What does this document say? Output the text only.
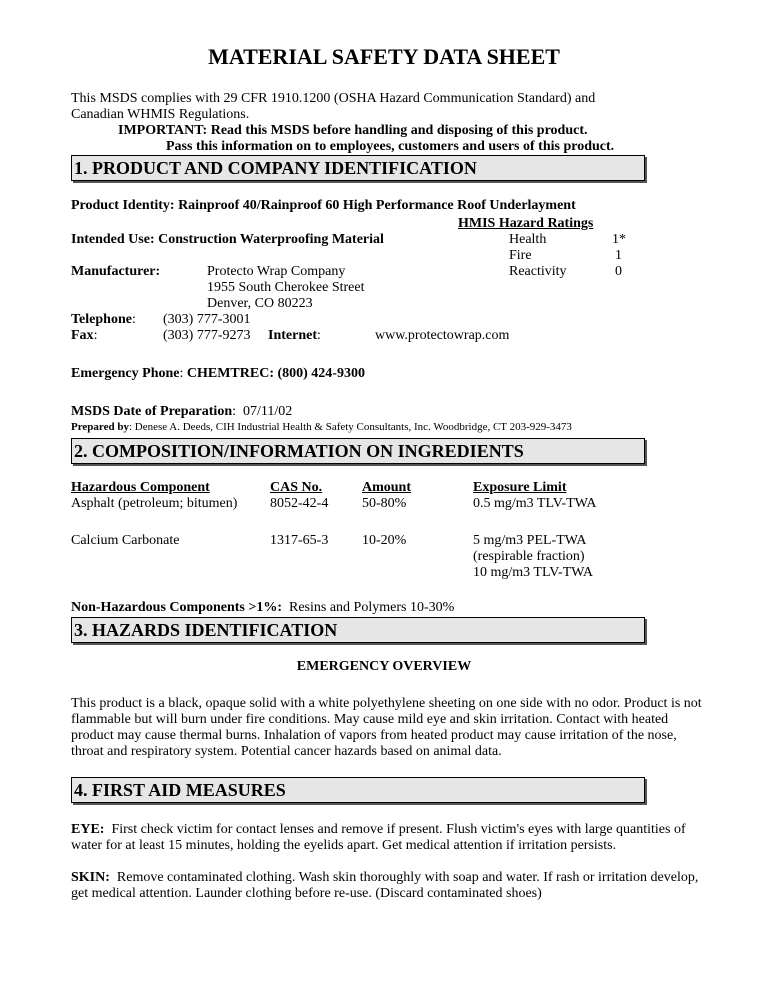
MATERIAL SAFETY DATA SHEET
This MSDS complies with 29 CFR 1910.1200 (OSHA Hazard Communication Standard) and
Canadian WHMIS Regulations.
IMPORTANT: Read this MSDS before handling and disposing of this product.
Pass this information on to employees, customers and users of this product.
1. PRODUCT AND COMPANY IDENTIFICATION
Product Identity: Rainproof 40/Rainproof 60 High Performance Roof Underlayment
HMIS Hazard Ratings
Intended Use: Construction Waterproofing Material	Health	1*
Fire	1
Reactivity	0
Manufacturer:	Protecto Wrap Company
1955 South Cherokee Street
Denver, CO 80223
Telephone: (303) 777-3001
Fax:	(303) 777-9273 Internet:	www.protectowrap.com
Emergency Phone: CHEMTREC: (800) 424-9300
MSDS Date of Preparation:  07/11/02
Prepared by: Denese A. Deeds, CIH Industrial Health & Safety Consultants, Inc. Woodbridge, CT 203-929-3473
2. COMPOSITION/INFORMATION ON INGREDIENTS
Hazardous Component	CAS No.	Amount	Exposure Limit
Asphalt (petroleum; bitumen) 8052-42-4 50-80%	0.5 mg/m3 TLV-TWA
Calcium Carbonate	1317-65-3 10-20%	5 mg/m3 PEL-TWA
(respirable fraction)
10 mg/m3 TLV-TWA
Non-Hazardous Components >1%: Resins and Polymers 10-30%
3. HAZARDS IDENTIFICATION
EMERGENCY OVERVIEW
This product is a black, opaque solid with a white polyethylene sheeting on one side with no odor. Product is not flammable but will burn under fire conditions. May cause mild eye and skin irritation. Contact with heated product may cause thermal burns. Inhalation of vapors from heated product may cause irritation of the nose, throat and respiratory system. Potential cancer hazards based on animal data.
4. FIRST AID MEASURES
EYE: First check victim for contact lenses and remove if present. Flush victim's eyes with large quantities of water for at least 15 minutes, holding the eyelids apart. Get medical attention if irritation persists.
SKIN: Remove contaminated clothing. Wash skin thoroughly with soap and water. If rash or irritation develop, get medical attention. Launder clothing before re-use. (Discard contaminated shoes)
